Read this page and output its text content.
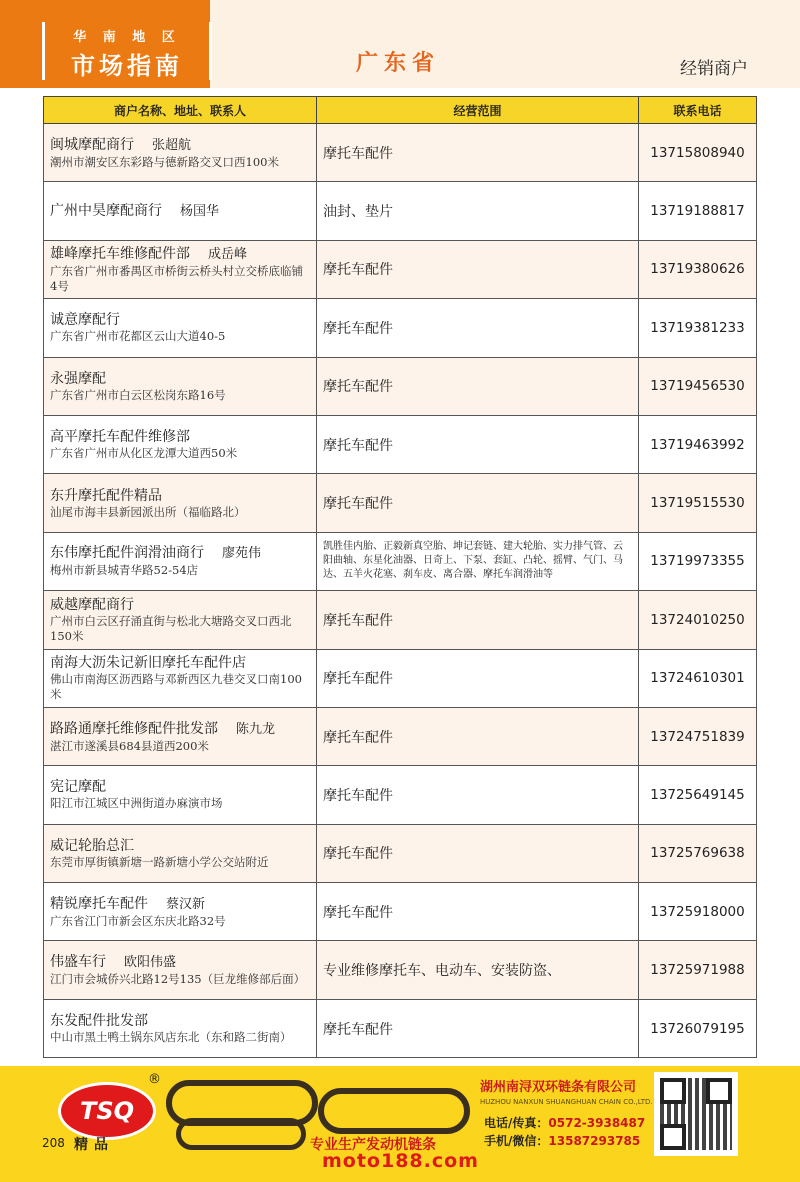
华 南 地 区
市场指南	广东省	经销商户
商户名称、地址、联系人	经营范围	联系电话

闽城摩配商行 张超航
潮州市潮安区东彩路与德新路交叉口西100米	摩托车配件	13715808940

广州中昊摩配商行 杨国华	油封、垫片	13719188817

雄峰摩托车维修配件部 成岳峰
广东省广州市番禺区市桥街云桥头村立交桥底临铺4号	摩托车配件	13719380626

诚意摩配行
广东省广州市花都区云山大道40-5	摩托车配件	13719381233

永强摩配
广东省广州市白云区松岗东路16号	摩托车配件	13719456530

高平摩托车配件维修部
广东省广州市从化区龙潭大道西50米	摩托车配件	13719463992

东升摩托配件精品
汕尾市海丰县新园派出所（福临路北）	摩托车配件	13719515530

东伟摩托配件润滑油商行 廖苑伟
梅州市新县城青华路52-54店	凯胜佳内胎、正毅新真空胎、坤记套链、建大轮胎、实力排气管、云阳曲轴、东星化油器、日奇上、下泵、套缸、凸轮、摇臂、气门、马达、五羊火花塞、刹车皮、离合器、摩托车润滑油等	13719973355

威越摩配商行
广州市白云区孖涌直街与松北大塘路交叉口西北150米	摩托车配件	13724010250

南海大沥朱记新旧摩托车配件店
佛山市南海区沥西路与邓新西区九巷交叉口南100米	摩托车配件	13724610301

路路通摩托维修配件批发部 陈九龙
湛江市遂溪县684县道西200米	摩托车配件	13724751839

宪记摩配
阳江市江城区中洲街道办麻演市场	摩托车配件	13725649145

威记轮胎总汇
东莞市厚街镇新塘一路新塘小学公交站附近	摩托车配件	13725769638

精锐摩托车配件 蔡汉新
广东省江门市新会区东庆北路32号	摩托车配件	13725918000

伟盛车行 欧阳伟盛
江门市会城侨兴北路12号135（巨龙维修部后面）	专业维修摩托车、电动车、安装防盗、	13725971988

东发配件批发部
中山市黑土鸭土锅东风店东北（东和路二街南）	摩托车配件	13726079195
TSQ
®
208 精品	专业生产发动机链条
湖州南浔双环链条有限公司
HUZHOU NANXUN SHUANGHUAN CHAIN CO.,LTD.
电话/传真：0572-3938487
手机/微信：13587293785
moto188.com
